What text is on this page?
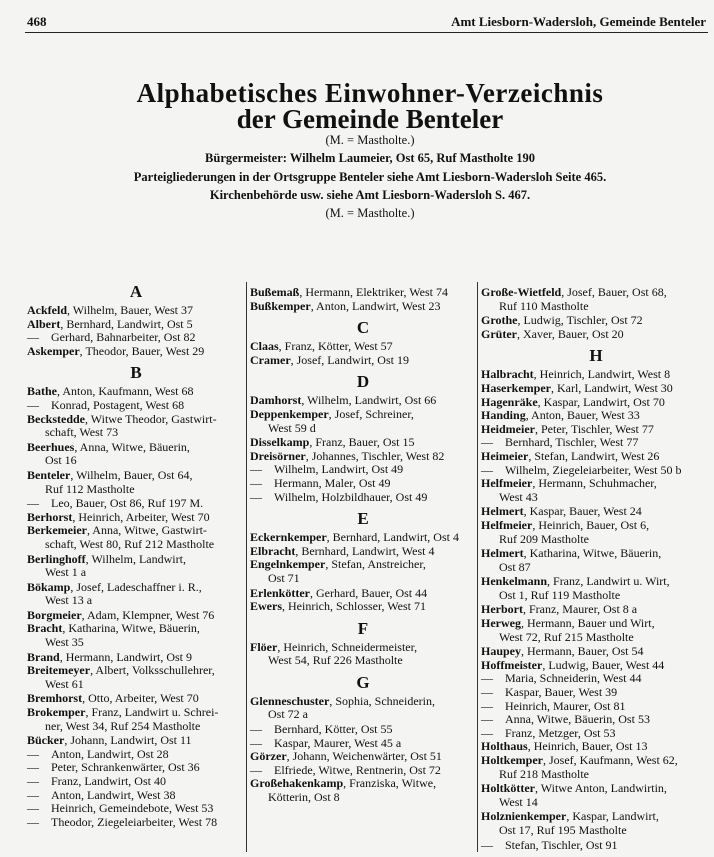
468	Amt Liesborn-Wadersloh, Gemeinde Benteler
Alphabetisches Einwohner-Verzeichnis
der Gemeinde Benteler
(M. = Mastholte.)
Bürgermeister: Wilhelm Laumeier, Ost 65, Ruf Mastholte 190
Parteigliederungen in der Ortsgruppe Benteler siehe Amt Liesborn-Wadersloh Seite 465.
Kirchenbehörde usw. siehe Amt Liesborn-Wadersloh S. 467.
(M. = Mastholte.)
A
Ackfeld, Wilhelm, Bauer, West 37
Albert, Bernhard, Landwirt, Ost 5
— Gerhard, Bahnarbeiter, Ost 82
Askemper, Theodor, Bauer, West 29
B
Bathe, Anton, Kaufmann, West 68
— Konrad, Postagent, West 68
Beckstedde, Witwe Theodor, Gastwirt-
schaft, West 73
Beerhues, Anna, Witwe, Bäuerin,
Ost 16
Benteler, Wilhelm, Bauer, Ost 64,
Ruf 112 Mastholte
— Leo, Bauer, Ost 86, Ruf 197 M.
Berhorst, Heinrich, Arbeiter, West 70
Berkemeier, Anna, Witwe, Gastwirt-
schaft, West 80, Ruf 212 Mastholte
Berlinghoff, Wilhelm, Landwirt,
West 1 a
Bökamp, Josef, Ladeschaffner i. R.,
West 13 a
Borgmeier, Adam, Klempner, West 76
Bracht, Katharina, Witwe, Bäuerin,
West 35
Brand, Hermann, Landwirt, Ost 9
Breitemeyer, Albert, Volksschullehrer,
West 61
Bremhorst, Otto, Arbeiter, West 70
Brokemper, Franz, Landwirt u. Schrei-
ner, West 34, Ruf 254 Mastholte
Bücker, Johann, Landwirt, Ost 11
— Anton, Landwirt, Ost 28
— Peter, Schrankenwärter, Ost 36
— Franz, Landwirt, Ost 40
— Anton, Landwirt, West 38
— Heinrich, Gemeindebote, West 53
— Theodor, Ziegeleiarbeiter, West 78
Bußemaß, Hermann, Elektriker, West 74
Bußkemper, Anton, Landwirt, West 23
C
Claas, Franz, Kötter, West 57
Cramer, Josef, Landwirt, Ost 19
D
Damhorst, Wilhelm, Landwirt, Ost 66
Deppenkemper, Josef, Schreiner,
West 59 d
Disselkamp, Franz, Bauer, Ost 15
Dreisörner, Johannes, Tischler, West 82
— Wilhelm, Landwirt, Ost 49
— Hermann, Maler, Ost 49
— Wilhelm, Holzbildhauer, Ost 49
E
Eckernkemper, Bernhard, Landwirt, Ost 4
Elbracht, Bernhard, Landwirt, West 4
Engelnkemper, Stefan, Anstreicher,
Ost 71
Erlenkötter, Gerhard, Bauer, Ost 44
Ewers, Heinrich, Schlosser, West 71
F
Flöer, Heinrich, Schneidermeister,
West 54, Ruf 226 Mastholte
G
Glenneschuster, Sophia, Schneiderin,
Ost 72 a
— Bernhard, Kötter, Ost 55
— Kaspar, Maurer, West 45 a
Görzer, Johann, Weichenwärter, Ost 51
— Elfriede, Witwe, Rentnerin, Ost 72
Großehakenkamp, Franziska, Witwe,
Kötterin, Ost 8
Große-Wietfeld, Josef, Bauer, Ost 68,
Ruf 110 Mastholte
Grothe, Ludwig, Tischler, Ost 72
Grüter, Xaver, Bauer, Ost 20
H
Halbracht, Heinrich, Landwirt, West 8
Haserkemper, Karl, Landwirt, West 30
Hagenräke, Kaspar, Landwirt, Ost 70
Handing, Anton, Bauer, West 33
Heidmeier, Peter, Tischler, West 77
— Bernhard, Tischler, West 77
Heimeier, Stefan, Landwirt, West 26
— Wilhelm, Ziegeleiarbeiter, West 50 b
Helfmeier, Hermann, Schuhmacher,
West 43
Helmert, Kaspar, Bauer, West 24
Helfmeier, Heinrich, Bauer, Ost 6,
Ruf 209 Mastholte
Helmert, Katharina, Witwe, Bäuerin,
Ost 87
Henkelmann, Franz, Landwirt u. Wirt,
Ost 1, Ruf 119 Mastholte
Herbort, Franz, Maurer, Ost 8 a
Herweg, Hermann, Bauer und Wirt,
West 72, Ruf 215 Mastholte
Haupey, Hermann, Bauer, Ost 54
Hoffmeister, Ludwig, Bauer, West 44
— Maria, Schneiderin, West 44
— Kaspar, Bauer, West 39
— Heinrich, Maurer, Ost 81
— Anna, Witwe, Bäuerin, Ost 53
— Franz, Metzger, Ost 53
Holthaus, Heinrich, Bauer, Ost 13
Holtkemper, Josef, Kaufmann, West 62,
Ruf 218 Mastholte
Holtkötter, Witwe Anton, Landwirtin,
West 14
Holznienkemper, Kaspar, Landwirt,
Ost 17, Ruf 195 Mastholte
— Stefan, Tischler, Ost 91
